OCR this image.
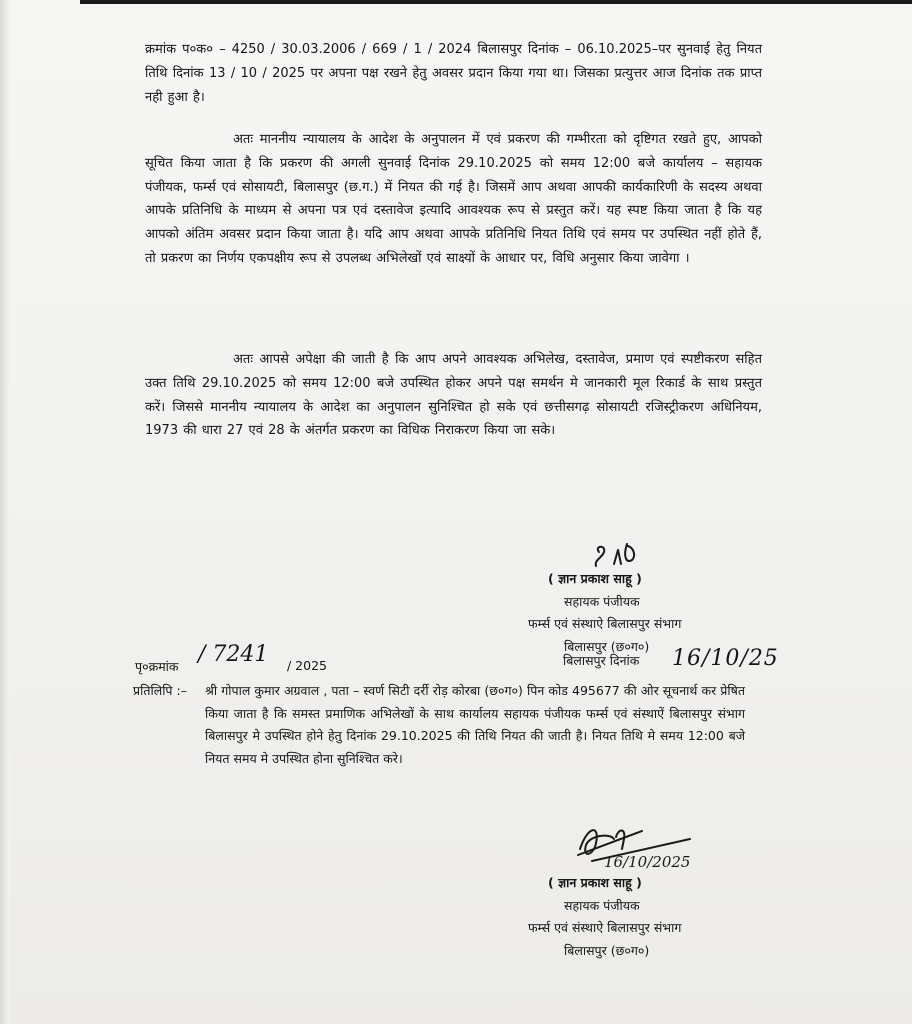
क्रमांक प०क० – 4250 / 30.03.2006 / 669 / 1 / 2024 बिलासपुर दिनांक – 06.10.2025–पर सुनवाई हेतु नियत तिथि दिनांक 13 / 10 / 2025 पर अपना पक्ष रखने हेतु अवसर प्रदान किया गया था। जिसका प्रत्युत्तर आज दिनांक तक प्राप्त नही हुआ है।

अतः माननीय न्यायालय के आदेश के अनुपालन में एवं प्रकरण की गम्भीरता को दृष्टिगत रखते हुए, आपको सूचित किया जाता है कि प्रकरण की अगली सुनवाई दिनांक 29.10.2025 को समय 12:00 बजे कार्यालय – सहायक पंजीयक, फर्म्स एवं सोसायटी, बिलासपुर (छ.ग.) में नियत की गई है। जिसमें आप अथवा आपकी कार्यकारिणी के सदस्य अथवा आपके प्रतिनिधि के माध्यम से अपना पत्र एवं दस्तावेज इत्यादि आवश्यक रूप से प्रस्तुत करें। यह स्पष्ट किया जाता है कि यह आपको अंतिम अवसर प्रदान किया जाता है। यदि आप अथवा आपके प्रतिनिधि नियत तिथि एवं समय पर उपस्थित नहीं होते हैं, तो प्रकरण का निर्णय एकपक्षीय रूप से उपलब्ध अभिलेखों एवं साक्ष्यों के आधार पर, विधि अनुसार किया जावेगा ।

अतः आपसे अपेक्षा की जाती है कि आप अपने आवश्यक अभिलेख, दस्तावेज, प्रमाण एवं स्पष्टीकरण सहित उक्त तिथि 29.10.2025 को समय 12:00 बजे उपस्थित होकर अपने पक्ष समर्थन मे जानकारी मूल रिकार्ड के साथ प्रस्तुत करें। जिससे माननीय न्यायालय के आदेश का अनुपालन सुनिश्चित हो सके एवं छत्तीसगढ़ सोसायटी रजिस्ट्रीकरण अधिनियम, 1973 की धारा 27 एवं 28 के अंतर्गत प्रकरण का विधिक निराकरण किया जा सके।

( ज्ञान प्रकाश साहू )
सहायक पंजीयक
फर्म्स एवं संस्थाऐ बिलासपुर संभाग
बिलासपुर (छ०ग०)
बिलासपुर दिनांक 16/10/25
पृ०क्रमांक / 7241 / 2025
प्रतिलिपि :– श्री गोपाल कुमार अग्रवाल , पता – स्वर्ण सिटी दर्री रोड़ कोरबा (छ०ग०) पिन कोड 495677 की ओर सूचनार्थ कर प्रेषित किया जाता है कि समस्त प्रमाणिक अभिलेखों के साथ कार्यालय सहायक पंजीयक फर्म्स एवं संस्थाऐं बिलासपुर संभाग बिलासपुर मे उपस्थित होने हेतु दिनांक 29.10.2025 की तिथि नियत की जाती है। नियत तिथि मे समय 12:00 बजे नियत समय मे उपस्थित होना सुनिश्चित करे।

16/10/2025
( ज्ञान प्रकाश साहू )
सहायक पंजीयक
फर्म्स एवं संस्थाऐ बिलासपुर संभाग
बिलासपुर (छ०ग०)
